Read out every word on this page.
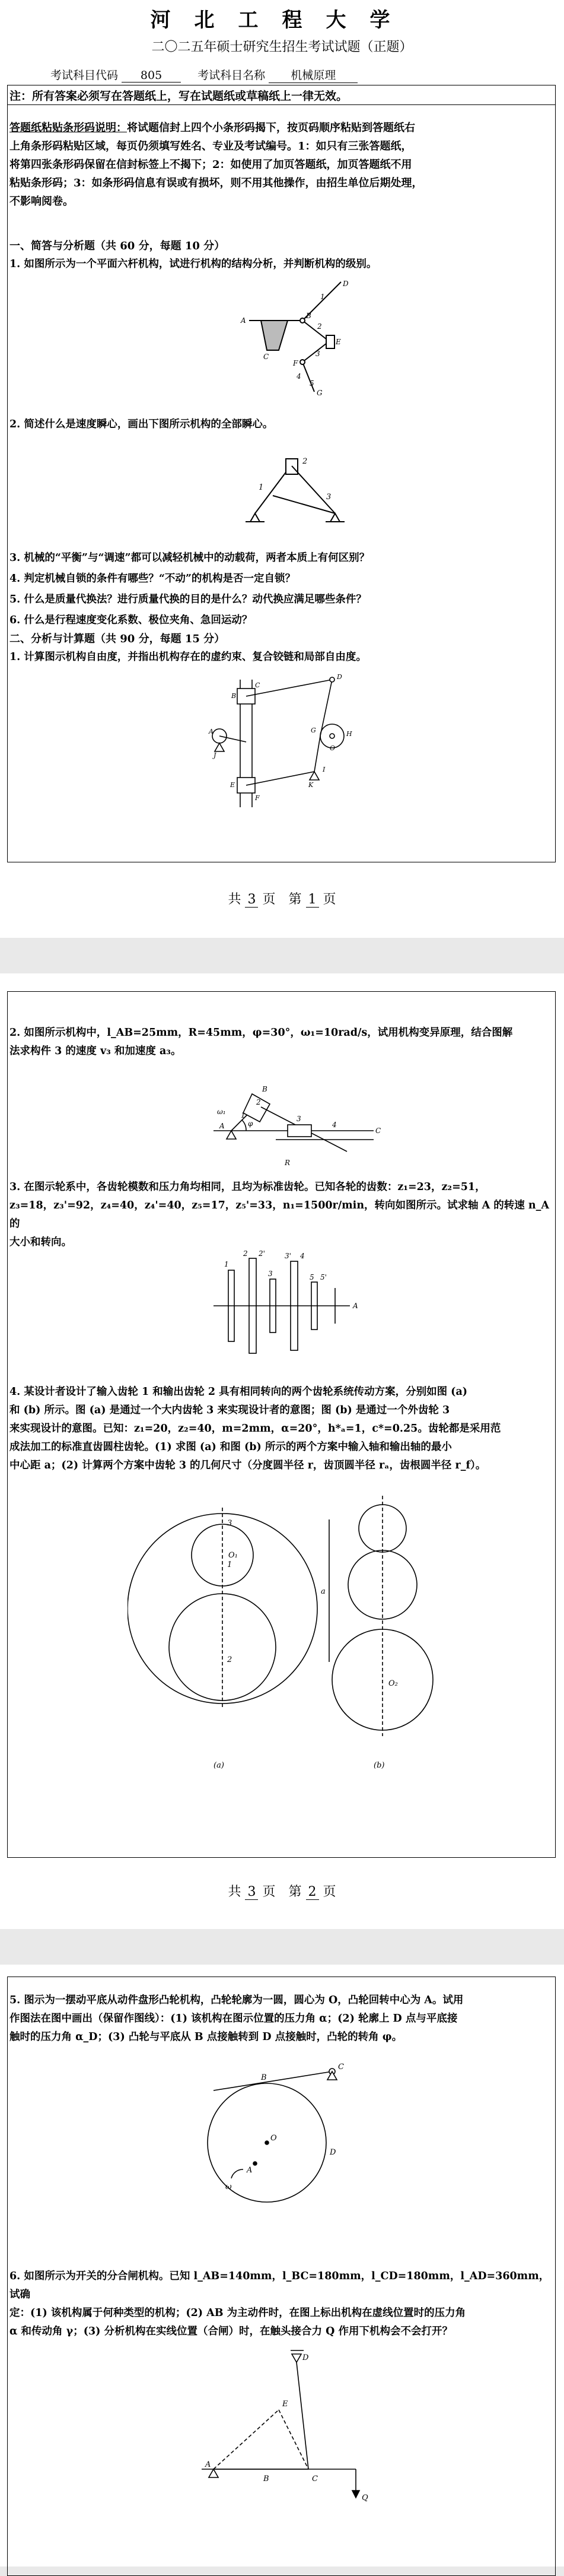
河北工程大学
二〇二五年硕士研究生招生考试试题（正题）
考试科目代码 805	考试科目名称 机械原理
注：所有答案必须写在答题纸上，写在试题纸或草稿纸上一律无效。
答题纸粘贴条形码说明：将试题信封上四个小条形码揭下，按页码顺序粘贴到答题纸右
上角条形码粘贴区域，每页仍须填写姓名、专业及考试编号。1：如只有三张答题纸，
将第四张条形码保留在信封标签上不揭下；2：如使用了加页答题纸，加页答题纸不用
粘贴条形码；3：如条形码信息有误或有损坏，则不用其他操作，由招生单位后期处理，
不影响阅卷。
一、简答与分析题（共 60 分，每题 10 分）
1. 如图所示为一个平面六杆机构，试进行机构的结构分析，并判断机构的级别。
A
B
C
D
E
F
G
1
2
3
4
5
2. 简述什么是速度瞬心，画出下图所示机构的全部瞬心。
1
2
3
3. 机械的“平衡”与“调速”都可以减轻机械中的动载荷，两者本质上有何区别？
4. 判定机械自锁的条件有哪些？“不动”的机构是否一定自锁？
5. 什么是质量代换法？进行质量代换的目的是什么？动代换应满足哪些条件？
6. 什么是行程速度变化系数、极位夹角、急回运动？
二、分析与计算题（共 90 分，每题 15 分）
1. 计算图示机构自由度，并指出机构存在的虚约束、复合铰链和局部自由度。
A
B
C
D
E
F
G	H
I
J
K
O
共 3 页　第 1 页
2. 如图所示机构中，l_AB=25mm，R=45mm，φ=30°，ω₁=10rad/s，试用机构变异原理，结合图解
法求构件 3 的速度 v₃ 和加速度 a₃。
A
B
C
1
2
3
4
R
φ
ω₁
3. 在图示轮系中，各齿轮模数和压力角均相同，且均为标准齿轮。已知各轮的齿数：z₁=23，z₂=51，
z₃=18，z₃'=92，z₄=40，z₄'=40，z₅=17，z₅'=33，n₁=1500r/min，转向如图所示。试求轴 A 的转速 n_A 的
大小和转向。
1
2 2'
3
3' 4
5 5'
A
4. 某设计者设计了输入齿轮 1 和输出齿轮 2 具有相同转向的两个齿轮系统传动方案，分别如图 (a)
和 (b) 所示。图 (a) 是通过一个大内齿轮 3 来实现设计者的意图；图 (b) 是通过一个外齿轮 3
来实现设计的意图。已知：z₁=20，z₂=40，m=2mm，α=20°，h*ₐ=1，c*=0.25。齿轮都是采用范
成法加工的标准直齿圆柱齿轮。(1) 求图 (a) 和图 (b) 所示的两个方案中输入轴和输出轴的最小
中心距 a；(2) 计算两个方案中齿轮 3 的几何尺寸（分度圆半径 r，齿顶圆半径 rₐ，齿根圆半径 r_f）。
3
1
2
O₁
O₂
a
(a)	(b)
共 3 页　第 2 页
5. 图示为一摆动平底从动件盘形凸轮机构，凸轮轮廓为一圆，圆心为 O，凸轮回转中心为 A。试用
作图法在图中画出（保留作图线）：(1) 该机构在图示位置的压力角 α；(2) 轮廓上 D 点与平底接
触时的压力角 α_D；(3) 凸轮与平底从 B 点接触转到 D 点接触时，凸轮的转角 φ。
A
B
C
D
O
ω
6. 如图所示为开关的分合闸机构。已知 l_AB=140mm，l_BC=180mm，l_CD=180mm，l_AD=360mm，试确
定：(1) 该机构属于何种类型的机构；(2) AB 为主动件时，在图上标出机构在虚线位置时的压力角
α 和传动角 γ；(3) 分析机构在实线位置（合闸）时，在触头接合力 Q 作用下机构会不会打开？
A
B	C
D
E
Q
